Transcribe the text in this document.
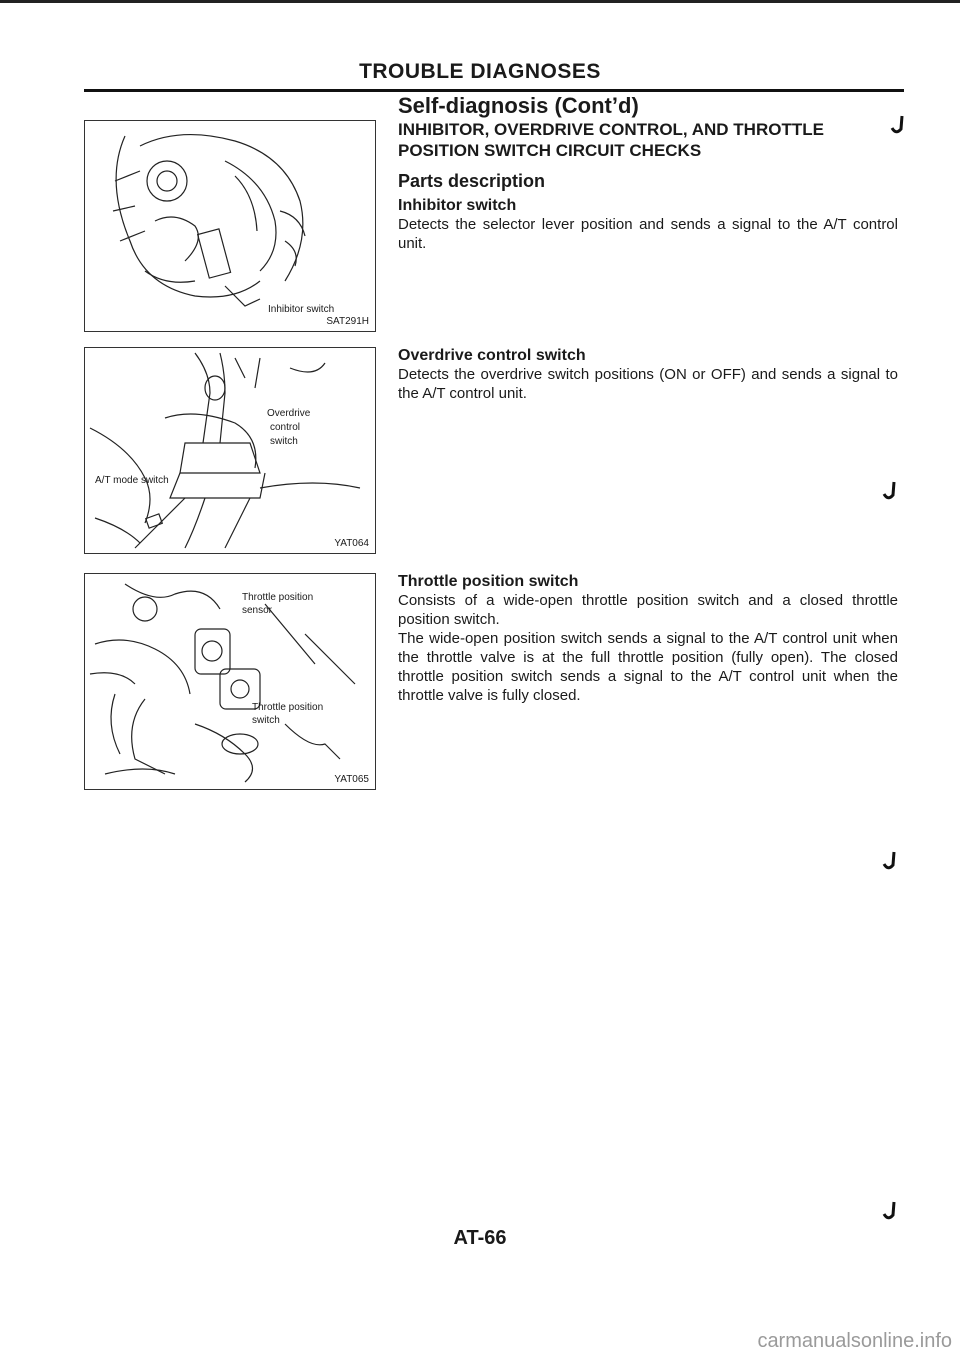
TROUBLE DIAGNOSES
Self-diagnosis (Cont’d)
INHIBITOR, OVERDRIVE CONTROL, AND THROTTLE
POSITION SWITCH CIRCUIT CHECKS
Parts description
Inhibitor switch

Detects the selector lever position and sends a signal to the A/T control unit.

Overdrive control switch

Detects the overdrive switch positions (ON or OFF) and sends a signal to the A/T control unit.

Throttle position switch

Consists of a wide-open throttle position switch and a closed throttle position switch.

The wide-open position switch sends a signal to the A/T control unit when the throttle valve is at the full throttle position (fully open). The closed throttle position switch sends a signal to the A/T control unit when the throttle valve is fully closed.

Inhibitor switch
SAT291H
Overdrive
control
switch
A/T mode switch
YAT064
Throttle position
sensor
Throttle position
switch
YAT065
AT-66
carmanualsonline.info
